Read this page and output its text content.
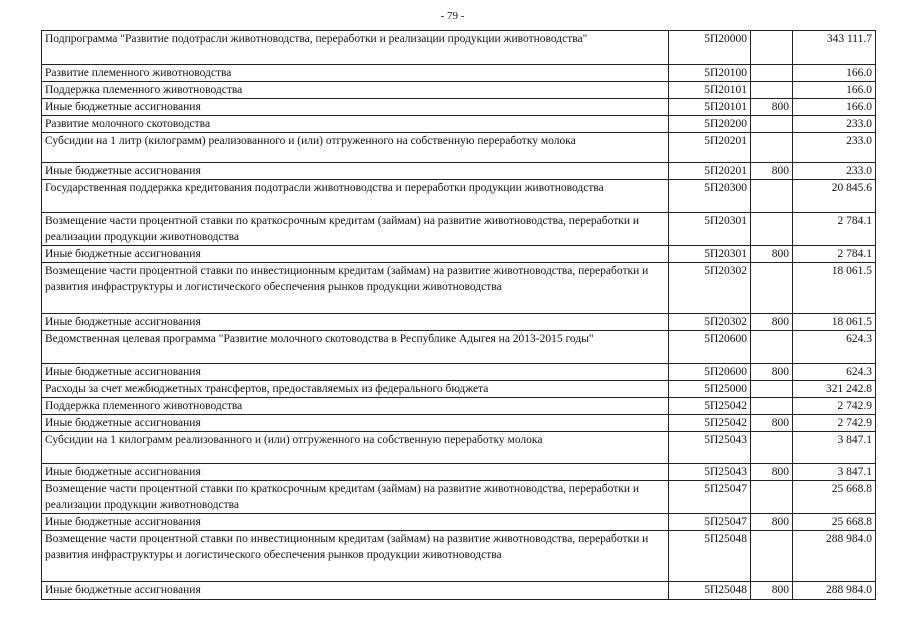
- 79 -
Подпрограмма "Развитие подотрасли животноводства, переработки и реализации продукции животноводства"	5П20000		343 111.7
Развитие племенного животноводства	5П20100		166.0
Поддержка племенного животноводства	5П20101		166.0
Иные бюджетные ассигнования	5П20101	800	166.0
Развитие молочного скотоводства	5П20200		233.0
Субсидии на 1 литр (килограмм) реализованного и (или) отгруженного на собственную переработку молока	5П20201		233.0
Иные бюджетные ассигнования	5П20201	800	233.0
Государственная поддержка кредитования подотрасли животноводства и переработки продукции животноводства	5П20300		20 845.6
Возмещение части процентной ставки по краткосрочным кредитам (займам) на развитие животноводства, переработки и реализации продукции животноводства	5П20301		2 784.1
Иные бюджетные ассигнования	5П20301	800	2 784.1
Возмещение части процентной ставки по инвестиционным кредитам (займам) на развитие животноводства, переработки и развития инфраструктуры и логистического обеспечения рынков продукции животноводства	5П20302		18 061.5
Иные бюджетные ассигнования	5П20302	800	18 061.5
Ведомственная целевая программа "Развитие молочного скотоводства в Республике Адыгея на 2013-2015 годы"	5П20600		624.3
Иные бюджетные ассигнования	5П20600	800	624.3
Расходы за счет межбюджетных трансфертов, предоставляемых из федерального бюджета	5П25000		321 242.8
Поддержка племенного животноводства	5П25042		2 742.9
Иные бюджетные ассигнования	5П25042	800	2 742.9
Субсидии на 1 килограмм реализованного и (или) отгруженного на собственную переработку молока	5П25043		3 847.1
Иные бюджетные ассигнования	5П25043	800	3 847.1
Возмещение части процентной ставки по краткосрочным кредитам (займам) на развитие животноводства, переработки и реализации продукции животноводства	5П25047		25 668.8
Иные бюджетные ассигнования	5П25047	800	25 668.8
Возмещение части процентной ставки по инвестиционным кредитам (займам) на развитие животноводства, переработки и развития инфраструктуры и логистического обеспечения рынков продукции животноводства	5П25048		288 984.0
Иные бюджетные ассигнования	5П25048	800	288 984.0
